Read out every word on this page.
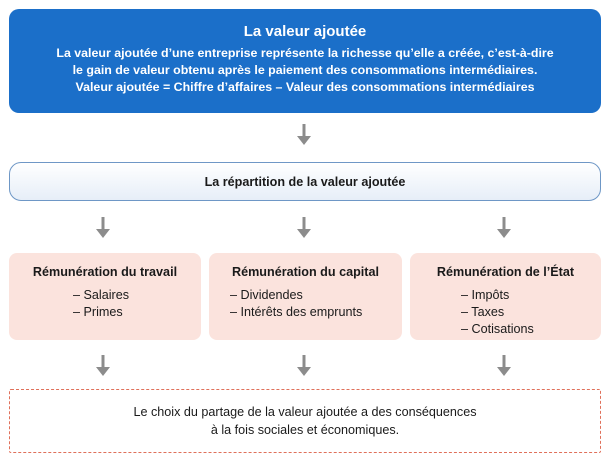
La valeur ajoutée
La valeur ajoutée d’une entreprise représente la richesse qu’elle a créée, c’est-à-dire
le gain de valeur obtenu après le paiement des consommations intermédiaires.
Valeur ajoutée = Chiffre d’affaires – Valeur des consommations intermédiaires
La répartition de la valeur ajoutée
Rémunération du travail
– Salaires
– Primes
Rémunération du capital
– Dividendes
– Intérêts des emprunts
Rémunération de l’État
– Impôts
– Taxes
– Cotisations
Le choix du partage de la valeur ajoutée a des conséquences
à la fois sociales et économiques.
